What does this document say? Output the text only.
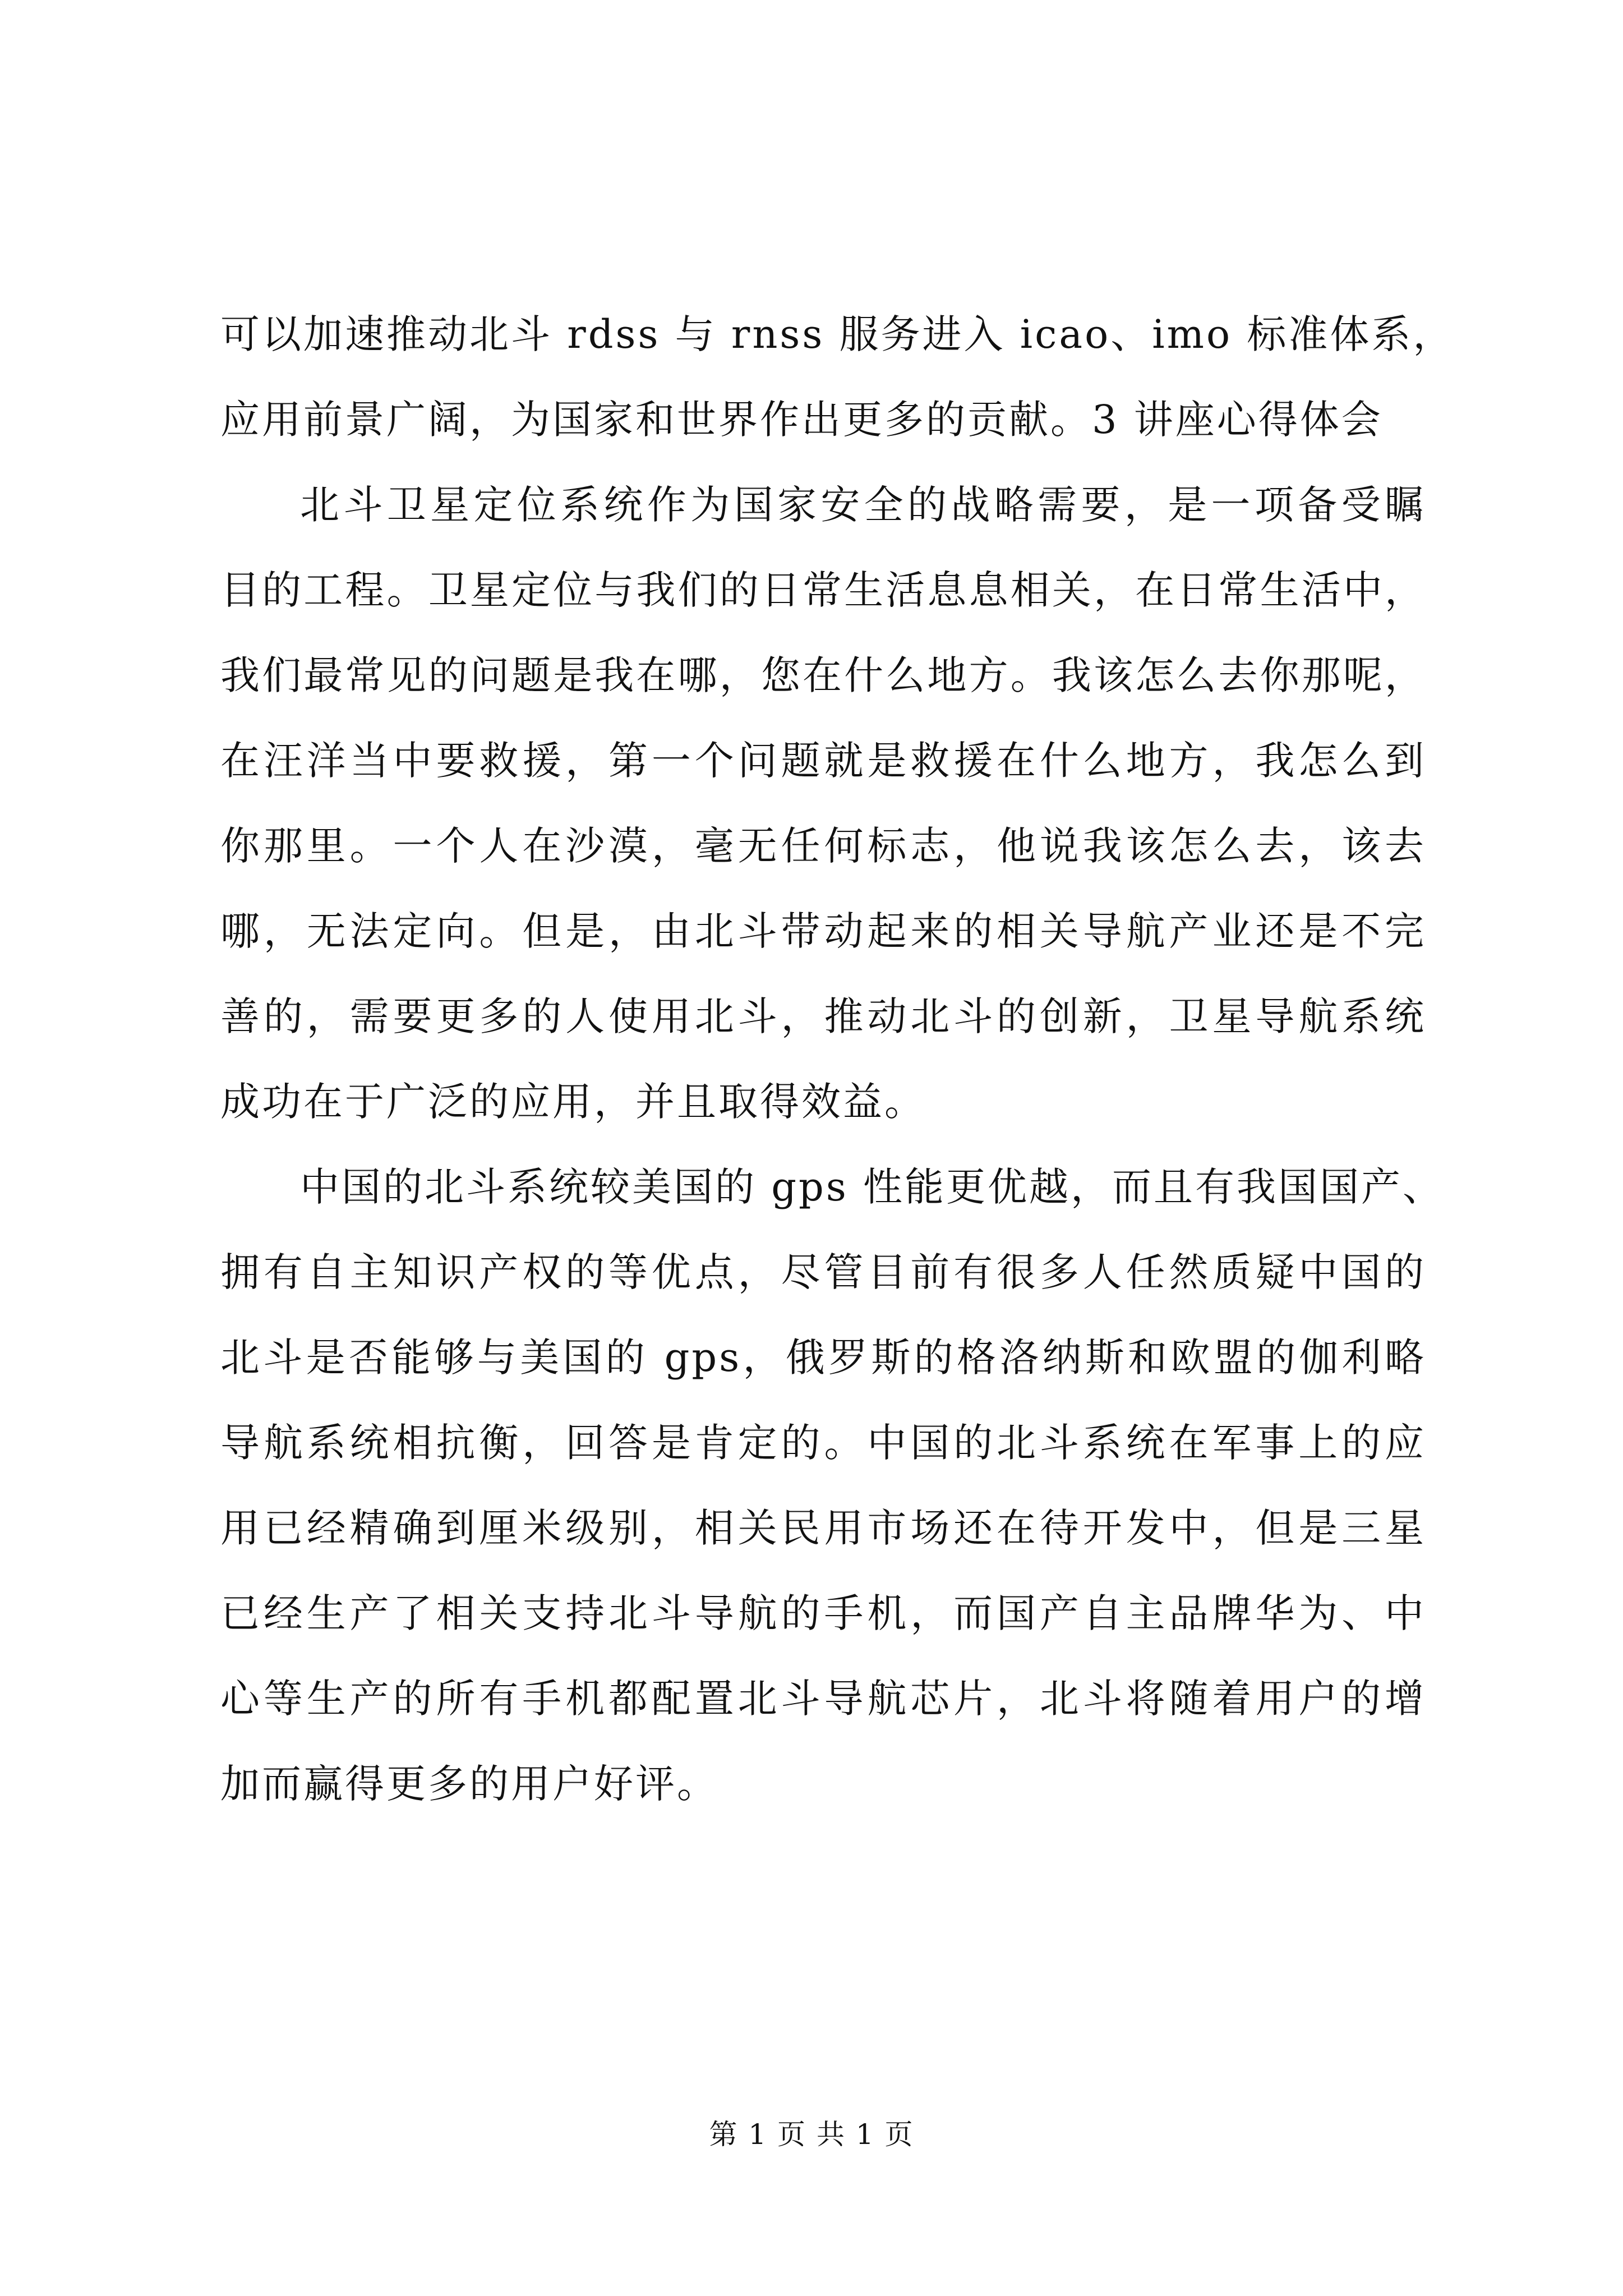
可以加速推动北斗 rdss 与 rnss 服务进入 icao、imo 标准体系，
应用前景广阔，为国家和世界作出更多的贡献。3 讲座心得体会
北斗卫星定位系统作为国家安全的战略需要，是一项备受瞩
目的工程。卫星定位与我们的日常生活息息相关，在日常生活中，
我们最常见的问题是我在哪，您在什么地方。我该怎么去你那呢，
在汪洋当中要救援，第一个问题就是救援在什么地方，我怎么到
你那里。一个人在沙漠，毫无任何标志，他说我该怎么去，该去
哪，无法定向。但是，由北斗带动起来的相关导航产业还是不完
善的，需要更多的人使用北斗，推动北斗的创新，卫星导航系统
成功在于广泛的应用，并且取得效益。
中国的北斗系统较美国的 gps 性能更优越，而且有我国国产、
拥有自主知识产权的等优点，尽管目前有很多人任然质疑中国的
北斗是否能够与美国的 gps，俄罗斯的格洛纳斯和欧盟的伽利略
导航系统相抗衡，回答是肯定的。中国的北斗系统在军事上的应
用已经精确到厘米级别，相关民用市场还在待开发中，但是三星
已经生产了相关支持北斗导航的手机，而国产自主品牌华为、中
心等生产的所有手机都配置北斗导航芯片，北斗将随着用户的增
加而赢得更多的用户好评。
第 1 页 共 1 页
